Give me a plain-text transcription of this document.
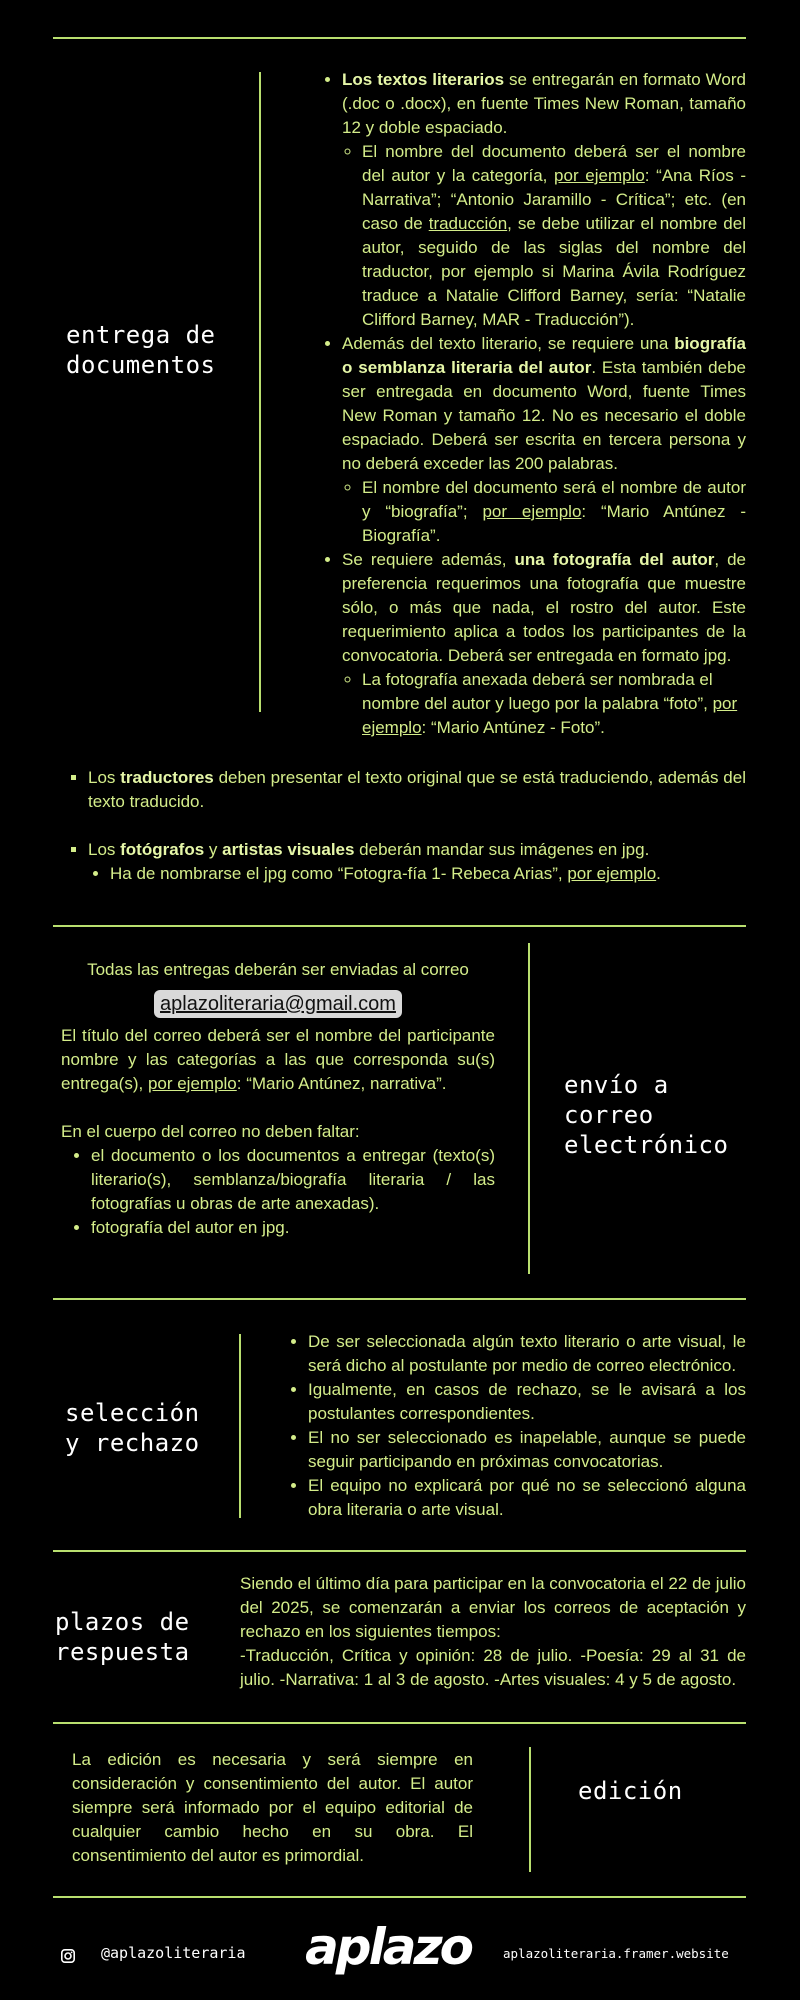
entrega de
documentos
• Los textos literarios se entregarán en formato Word (.doc o .docx), en fuente Times New Roman, tamaño 12 y doble espaciado.
◦ El nombre del documento deberá ser el nombre del autor y la categoría, por ejemplo: “Ana Ríos - Narrativa”; “Antonio Jaramillo - Crítica”; etc. (en caso de traducción, se debe utilizar el nombre del autor, seguido de las siglas del nombre del traductor, por ejemplo si Marina Ávila Rodríguez traduce a Natalie Clifford Barney, sería: “Natalie Clifford Barney, MAR - Traducción”).
• Además del texto literario, se requiere una biografía o semblanza literaria del autor. Esta también debe ser entregada en documento Word, fuente Times New Roman y tamaño 12. No es necesario el doble espaciado. Deberá ser escrita en tercera persona y no deberá exceder las 200 palabras.
◦ El nombre del documento será el nombre de autor y “biografía”; por ejemplo: “Mario Antúnez - Biografía”.
• Se requiere además, una fotografía del autor, de preferencia requerimos una fotografía que muestre sólo, o más que nada, el rostro del autor. Este requerimiento aplica a todos los participantes de la convocatoria. Deberá ser entregada en formato jpg.
◦ La fotografía anexada deberá ser nombrada el nombre del autor y luego por la palabra “foto”, por ejemplo: “Mario Antúnez - Foto”.
▪ Los traductores deben presentar el texto original que se está traduciendo, además del texto traducido.
▪ Los fotógrafos y artistas visuales deberán mandar sus imágenes en jpg.
• Ha de nombrarse el jpg como “Fotogra-fía 1- Rebeca Arias”, por ejemplo.
Todas las entregas deberán ser enviadas al correo
aplazoliteraria@gmail.com
El título del correo deberá ser el nombre del participante nombre y las categorías a las que corresponda su(s) entrega(s), por ejemplo: “Mario Antúnez, narrativa”.
En el cuerpo del correo no deben faltar:
• el documento o los documentos a entregar (texto(s) literario(s), semblanza/biografía literaria / las fotografías u obras de arte anexadas).
• fotografía del autor en jpg.
envío a
correo
electrónico
selección
y rechazo
• De ser seleccionada algún texto literario o arte visual, le será dicho al postulante por medio de correo electrónico.
• Igualmente, en casos de rechazo, se le avisará a los postulantes correspondientes.
• El no ser seleccionado es inapelable, aunque se puede seguir participando en próximas convocatorias.
• El equipo no explicará por qué no se seleccionó alguna obra literaria o arte visual.
plazos de
respuesta
Siendo el último día para participar en la convocatoria el 22 de julio del 2025, se comenzarán a enviar los correos de aceptación y rechazo en los siguientes tiempos:
-Traducción, Crítica y opinión: 28 de julio. -Poesía: 29 al 31 de julio. -Narrativa: 1 al 3 de agosto. -Artes visuales: 4 y 5 de agosto.
La edición es necesaria y será siempre en consideración y consentimiento del autor. El autor siempre será informado por el equipo editorial de cualquier cambio hecho en su obra. El consentimiento del autor es primordial.
edición
@aplazoliteraria aplazo	aplazoliteraria.framer.website
